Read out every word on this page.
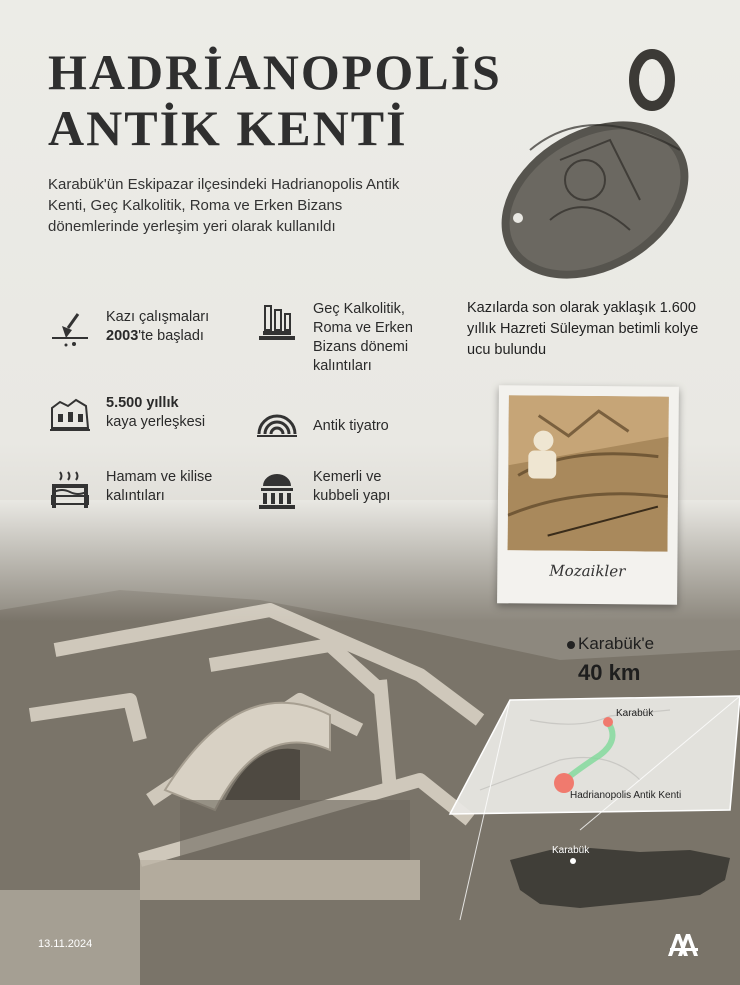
Karabük
Hadrianopolis Antik Kenti
Karabük
HADRİANOPOLİS
ANTİK KENTİ

Karabük'ün Eskipazar ilçesindeki Hadrianopolis Antik Kenti, Geç Kalkolitik, Roma ve Erken Bizans dönemlerinde yerleşim yeri olarak kullanıldı

Kazı çalışmaları
2003'te başladı
Geç Kalkolitik, Roma ve Erken Bizans dönemi kalıntıları
5.500 yıllık
kaya yerleşkesi	Antik tiyatro
Hamam ve kilise kalıntıları
Kemerli ve kubbeli yapı

Kazılarda son olarak yaklaşık 1.600 yıllık Hazreti Süleyman betimli kolye ucu bulundu

Mozaikler
Karabük'e
40 km
13.11.2024
